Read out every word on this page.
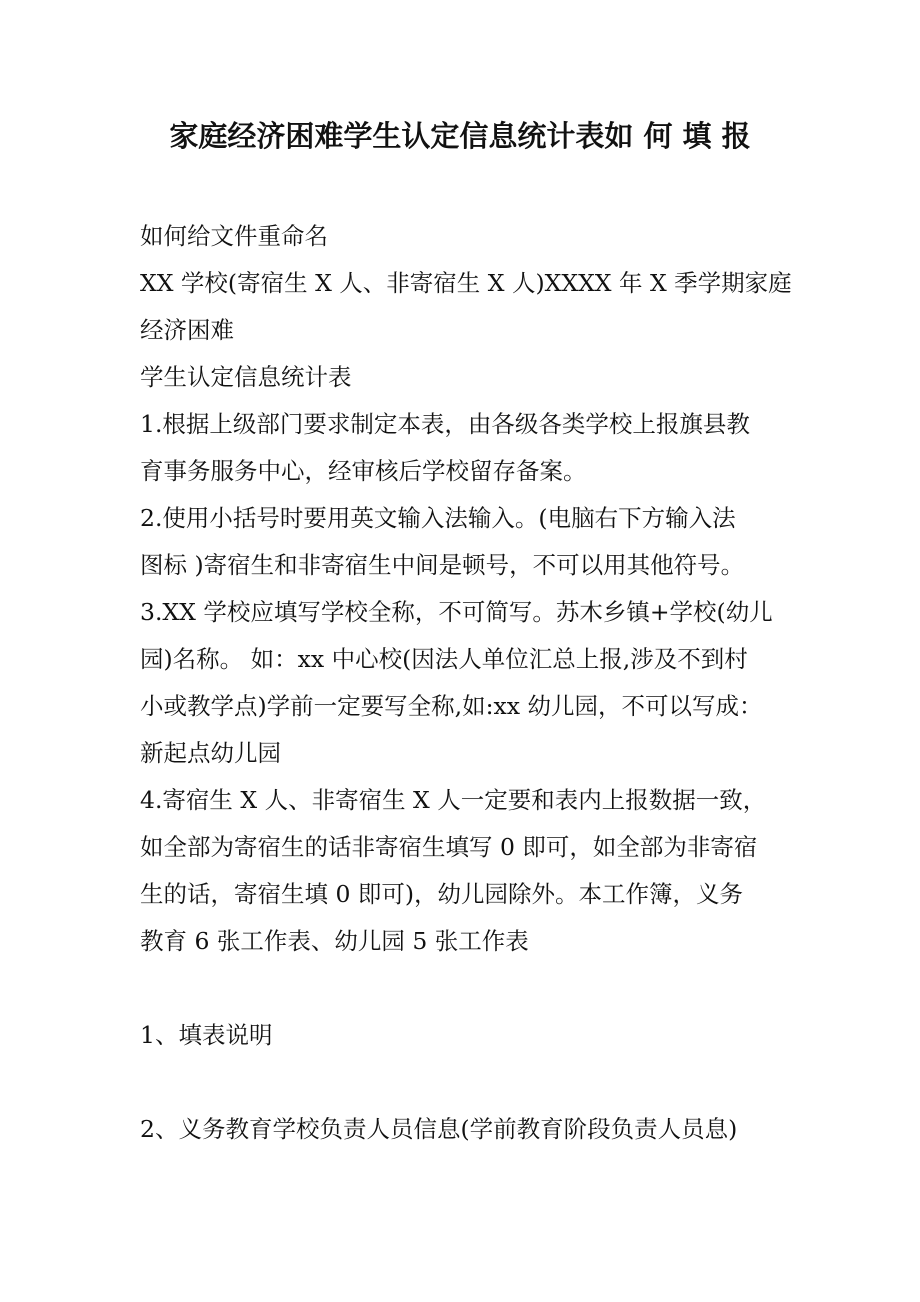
家庭经济困难学生认定信息统计表如 何 填 报
如何给文件重命名
XX 学校(寄宿生 X 人、非寄宿生 X 人)XXXX 年 X 季学期家庭
经济困难
学生认定信息统计表
1.根据上级部门要求制定本表，由各级各类学校上报旗县教
育事务服务中心，经审核后学校留存备案。
2.使用小括号时要用英文输入法输入。(电脑右下方输入法
图标 )寄宿生和非寄宿生中间是顿号，不可以用其他符号。
3.XX 学校应填写学校全称，不可简写。苏木乡镇+学校(幼儿
园)名称。 如：xx 中心校(因法人单位汇总上报,涉及不到村
小或教学点)学前一定要写全称,如:xx 幼儿园，不可以写成：
新起点幼儿园
4.寄宿生 X 人、非寄宿生 X 人一定要和表内上报数据一致，
如全部为寄宿生的话非寄宿生填写 0 即可，如全部为非寄宿
生的话，寄宿生填 0 即可)，幼儿园除外。本工作簿，义务
教育 6 张工作表、幼儿园 5 张工作表
1、填表说明
2、义务教育学校负责人员信息(学前教育阶段负责人员息)
